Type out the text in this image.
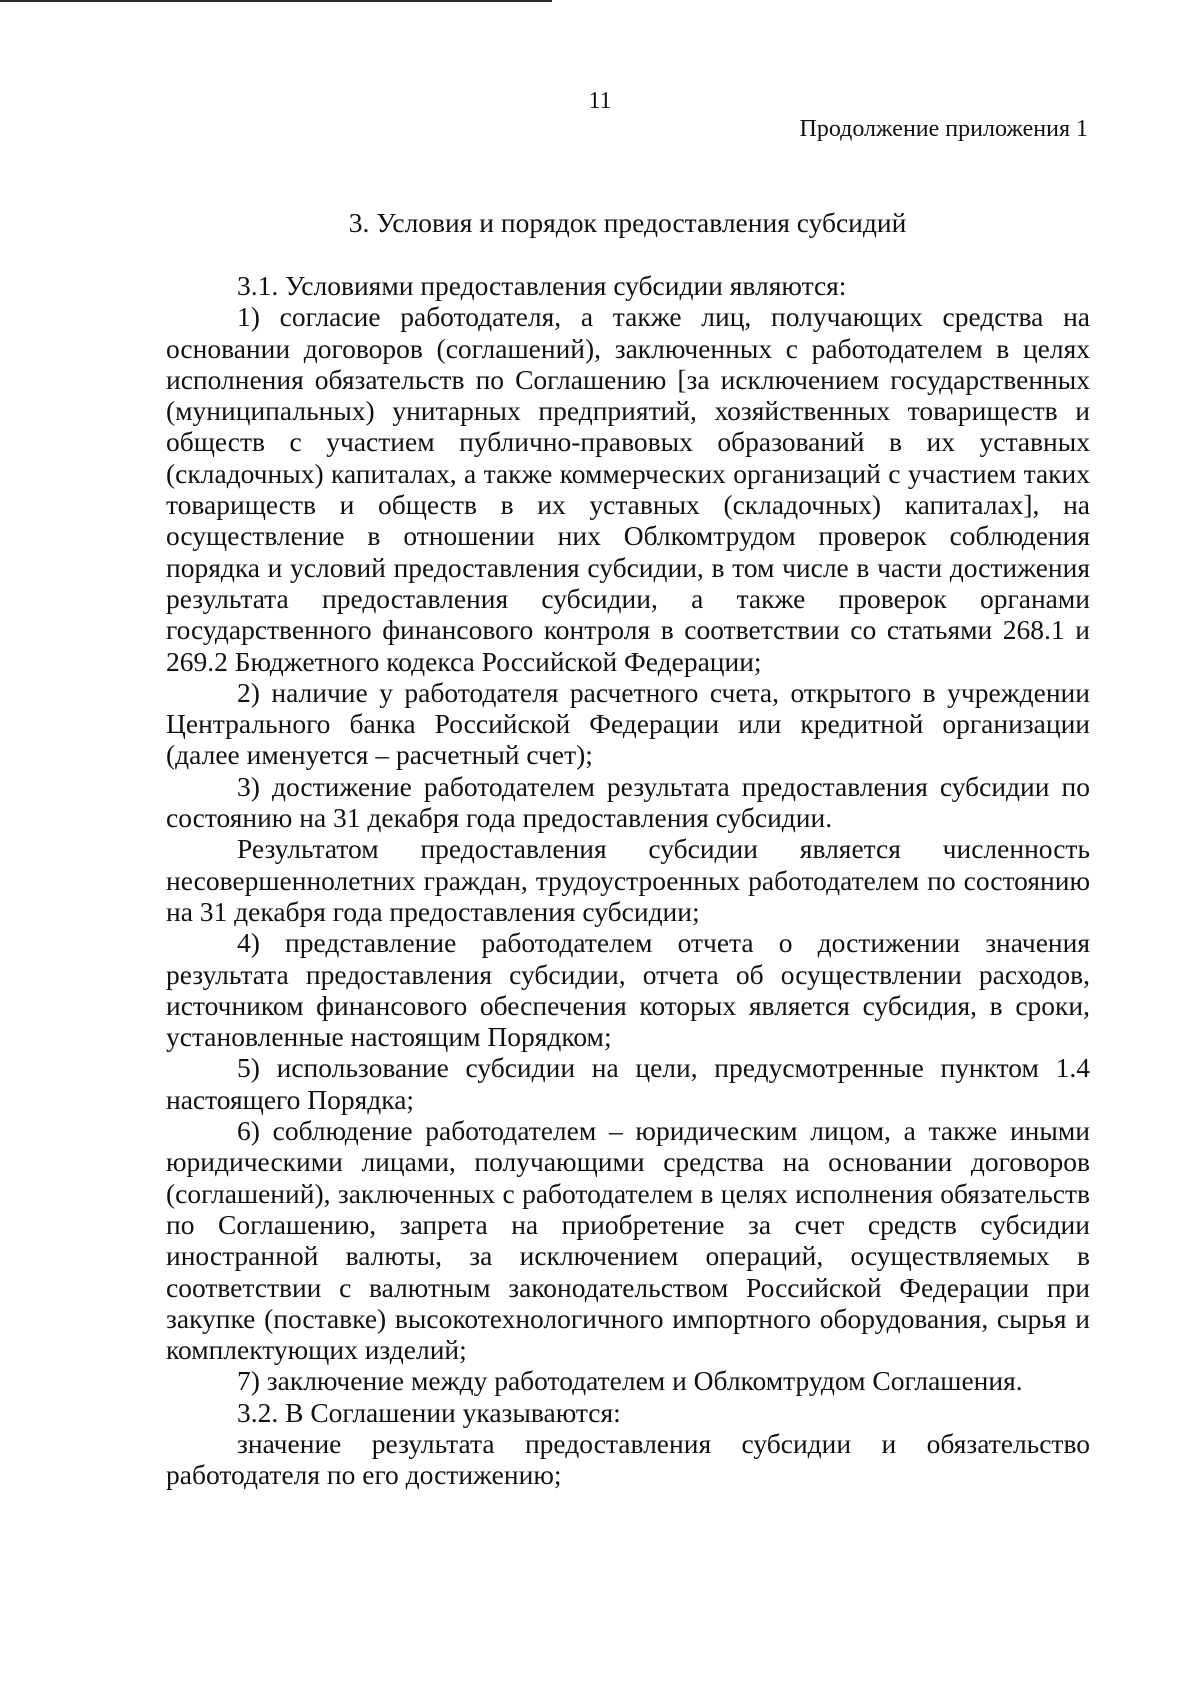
11
Продолжение приложения 1
3. Условия и порядок предоставления субсидий

3.1. Условиями предоставления субсидии являются:

1) согласие работодателя, а также лиц, получающих средства на основании договоров (соглашений), заключенных с работодателем в целях исполнения обязательств по Соглашению [за исключением государственных (муниципальных) унитарных предприятий, хозяйственных товариществ и обществ с участием публично-правовых образований в их уставных (складочных) капиталах, а также коммерческих организаций с участием таких товариществ и обществ в их уставных (складочных) капиталах], на осуществление в отношении них Облкомтрудом проверок соблюдения порядка и условий предоставления субсидии, в том числе в части достижения результата предоставления субсидии, а также проверок органами государственного финансового контроля в соответствии со статьями 268.1 и 269.2 Бюджетного кодекса Российской Федерации;

2) наличие у работодателя расчетного счета, открытого в учреждении Центрального банка Российской Федерации или кредитной организации (далее именуется – расчетный счет);

3) достижение работодателем результата предоставления субсидии по состоянию на 31 декабря года предоставления субсидии.

Результатом предоставления субсидии является численность несовершеннолетних граждан, трудоустроенных работодателем по состоянию на 31 декабря года предоставления субсидии;

4) представление работодателем отчета о достижении значения результата предоставления субсидии, отчета об осуществлении расходов, источником финансового обеспечения которых является субсидия, в сроки, установленные настоящим Порядком;

5) использование субсидии на цели, предусмотренные пунктом 1.4 настоящего Порядка;

6) соблюдение работодателем – юридическим лицом, а также иными юридическими лицами, получающими средства на основании договоров (соглашений), заключенных с работодателем в целях исполнения обязательств по Соглашению, запрета на приобретение за счет средств субсидии иностранной валюты, за исключением операций, осуществляемых в соответствии с валютным законодательством Российской Федерации при закупке (поставке) высокотехнологичного импортного оборудования, сырья и комплектующих изделий;

7) заключение между работодателем и Облкомтрудом Соглашения.

3.2. В Соглашении указываются:

значение результата предоставления субсидии и обязательство работодателя по его достижению;
